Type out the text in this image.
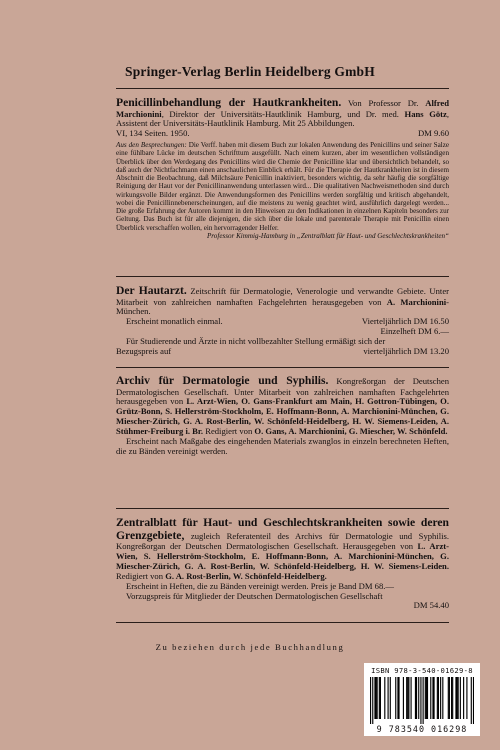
Springer-Verlag Berlin Heidelberg GmbH

Penicillinbehandlung der Hautkrankheiten. Von Professor Dr. Alfred Marchionini, Direktor der Universitäts-Hautklinik Hamburg, und Dr. med. Hans Götz, Assistent der Universitäts-Hautklinik Hamburg. Mit 25 Abbildungen.

VI, 134 Seiten. 1950.	DM 9.60

Aus den Besprechungen: Die Verff. haben mit diesem Buch zur lokalen Anwendung des Penicillins und seiner Salze eine fühlbare Lücke im deutschen Schrifttum ausgefüllt. Nach einem kurzen, aber im wesentlichen vollständigen Überblick über den Werdegang des Penicillins wird die Chemie der Penicilline klar und übersichtlich behandelt, so daß auch der Nichtfachmann einen anschaulichen Einblick erhält. Für die Therapie der Hautkrankheiten ist in diesem Abschnitt die Beobachtung, daß Milchsäure Penicillin inaktiviert, besonders wichtig, da sehr häufig die sorgfältige Reinigung der Haut vor der Penicillinanwendung unterlassen wird... Die qualitativen Nachweismethoden sind durch wirkungsvolle Bilder ergänzt. Die Anwendungsformen des Penicillins werden sorgfältig und kritisch abgehandelt, wobei die Penicillinnebenerscheinungen, auf die meistens zu wenig geachtet wird, ausführlich dargelegt werden... Die große Erfahrung der Autoren kommt in den Hinweisen zu den Indikationen in einzelnen Kapiteln besonders zur Geltung. Das Buch ist für alle diejenigen, die sich über die lokale und parenterale Therapie mit Penicillin einen Überblick verschaffen wollen, ein hervorragender Helfer.

Professor Kimmig-Hamburg in „Zentralblatt für Haut- und Geschlechtskrankheiten“

Der Hautarzt. Zeitschrift für Dermatologie, Venerologie und verwandte Gebiete. Unter Mitarbeit von zahlreichen namhaften Fachgelehrten herausgegeben von A. Marchionini-München.

Erscheint monatlich einmal.	Vierteljährlich DM 16.50

Einzelheft DM 6.—

Für Studierende und Ärzte in nicht vollbezahlter Stellung ermäßigt sich der

Bezugspreis auf	vierteljährlich DM 13.20

Archiv für Dermatologie und Syphilis. Kongreßorgan der Deutschen Dermatologischen Gesellschaft. Unter Mitarbeit von zahlreichen namhaften Fachgelehrten herausgegeben von L. Arzt-Wien, O. Gans-Frankfurt am Main, H. Gottron-Tübingen, O. Grütz-Bonn, S. Hellerström-Stockholm, E. Hoffmann-Bonn, A. Marchionini-München, G. Miescher-Zürich, G. A. Rost-Berlin, W. Schönfeld-Heidelberg, H. W. Siemens-Leiden, A. Stühmer-Freiburg i. Br. Redigiert von O. Gans, A. Marchionini, G. Miescher, W. Schönfeld.

Erscheint nach Maßgabe des eingehenden Materials zwanglos in einzeln berechneten Heften, die zu Bänden vereinigt werden.

Zentralblatt für Haut- und Geschlechtskrankheiten sowie deren Grenzgebiete, zugleich Referatenteil des Archivs für Dermatologie und Syphilis. Kongreßorgan der Deutschen Dermatologischen Gesellschaft. Herausgegeben von L. Arzt-Wien, S. Hellerström-Stockholm, E. Hoffmann-Bonn, A. Marchionini-München, G. Miescher-Zürich, G. A. Rost-Berlin, W. Schönfeld-Heidelberg, H. W. Siemens-Leiden. Redigiert von G. A. Rost-Berlin, W. Schönfeld-Heidelberg.

Erscheint in Heften, die zu Bänden vereinigt werden. Preis je Band DM 68.—

Vorzugspreis für Mitglieder der Deutschen Dermatologischen Gesellschaft

DM 54.40

Zu beziehen durch jede Buchhandlung
ISBN 978-3-540-01629-8
9 783540 016298
